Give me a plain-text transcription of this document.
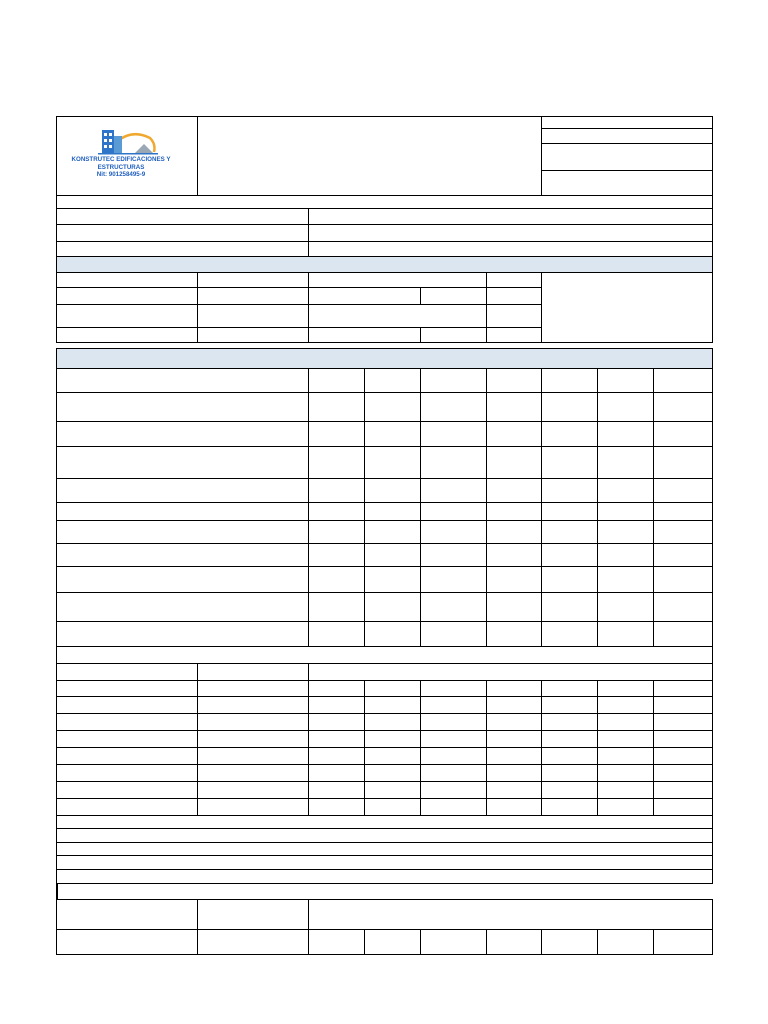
KONSTRUTEC EDIFICACIONES Y
ESTRUCTURAS
Nit: 901258495-9
